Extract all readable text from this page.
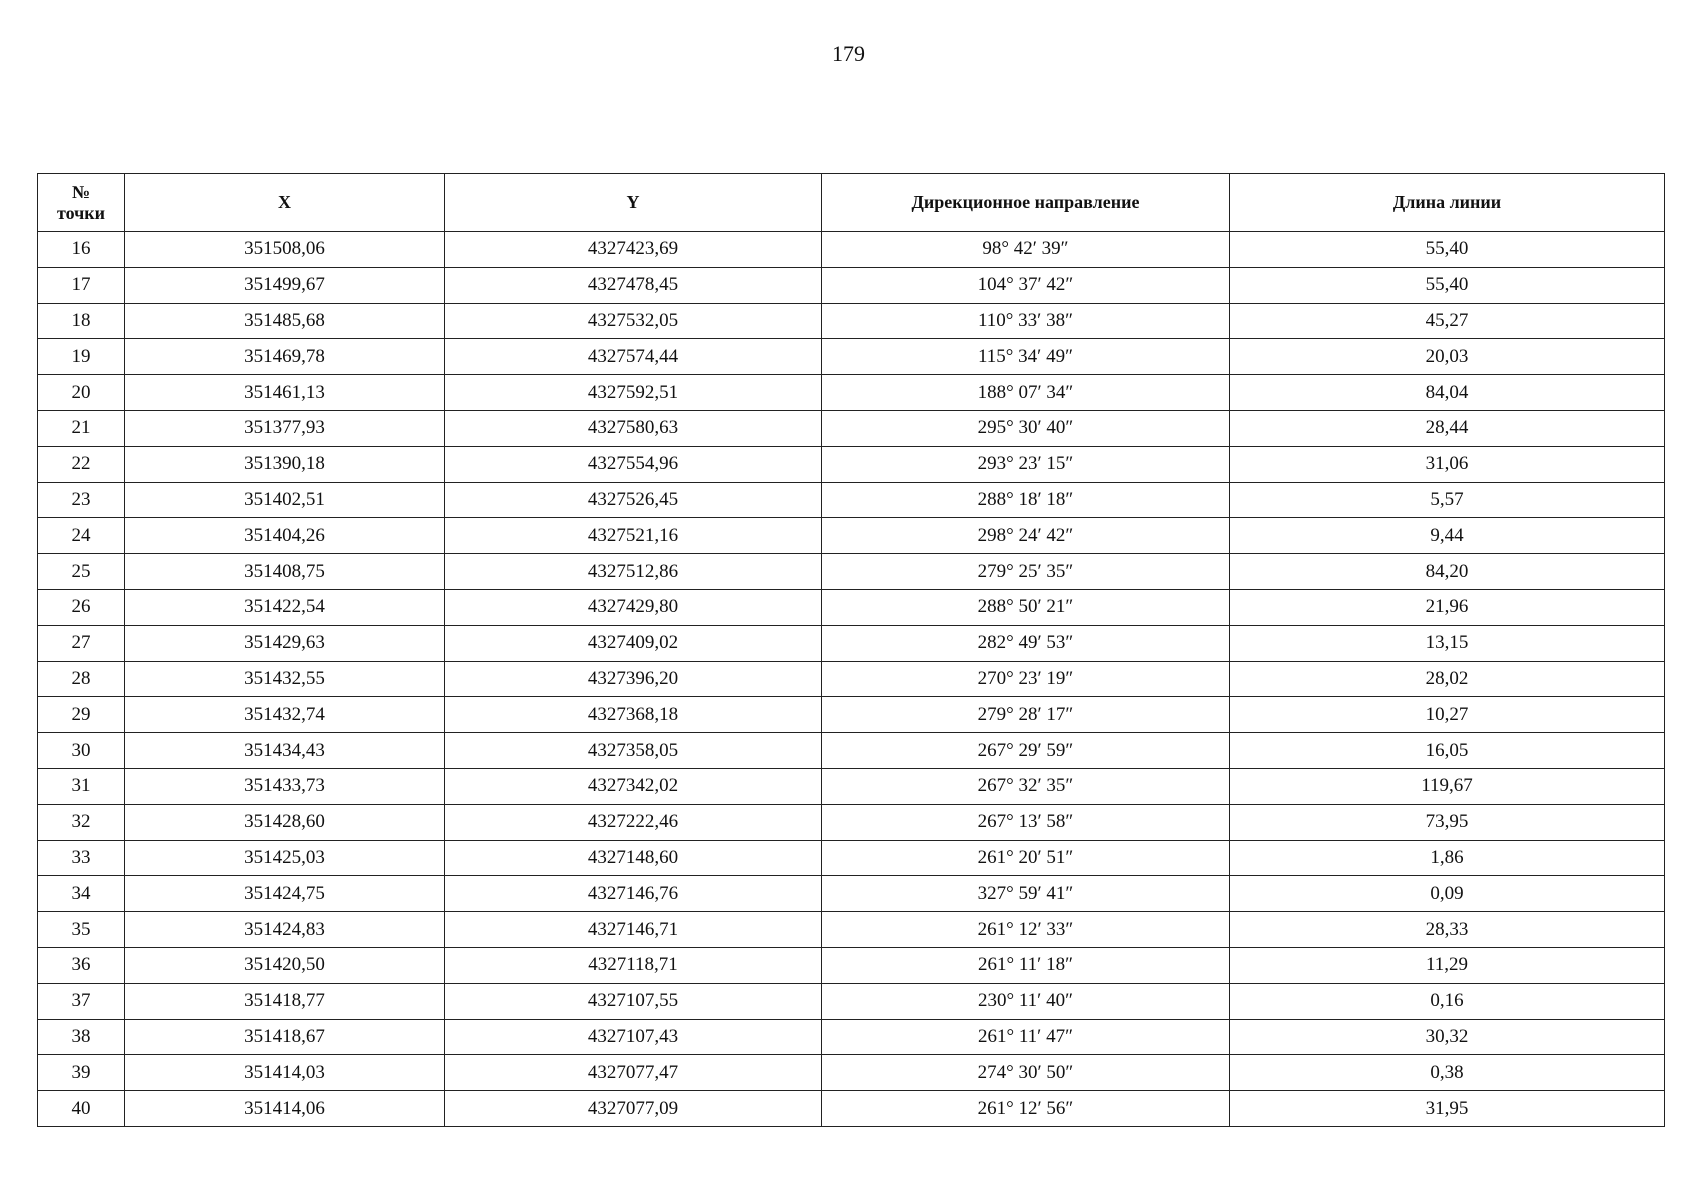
179
№
точки	X	Y	Дирекционное направление	Длина линии
16	351508,06	4327423,69	98° 42′ 39″	55,40
17	351499,67	4327478,45	104° 37′ 42″	55,40
18	351485,68	4327532,05	110° 33′ 38″	45,27
19	351469,78	4327574,44	115° 34′ 49″	20,03
20	351461,13	4327592,51	188° 07′ 34″	84,04
21	351377,93	4327580,63	295° 30′ 40″	28,44
22	351390,18	4327554,96	293° 23′ 15″	31,06
23	351402,51	4327526,45	288° 18′ 18″	5,57
24	351404,26	4327521,16	298° 24′ 42″	9,44
25	351408,75	4327512,86	279° 25′ 35″	84,20
26	351422,54	4327429,80	288° 50′ 21″	21,96
27	351429,63	4327409,02	282° 49′ 53″	13,15
28	351432,55	4327396,20	270° 23′ 19″	28,02
29	351432,74	4327368,18	279° 28′ 17″	10,27
30	351434,43	4327358,05	267° 29′ 59″	16,05
31	351433,73	4327342,02	267° 32′ 35″	119,67
32	351428,60	4327222,46	267° 13′ 58″	73,95
33	351425,03	4327148,60	261° 20′ 51″	1,86
34	351424,75	4327146,76	327° 59′ 41″	0,09
35	351424,83	4327146,71	261° 12′ 33″	28,33
36	351420,50	4327118,71	261° 11′ 18″	11,29
37	351418,77	4327107,55	230° 11′ 40″	0,16
38	351418,67	4327107,43	261° 11′ 47″	30,32
39	351414,03	4327077,47	274° 30′ 50″	0,38
40	351414,06	4327077,09	261° 12′ 56″	31,95
